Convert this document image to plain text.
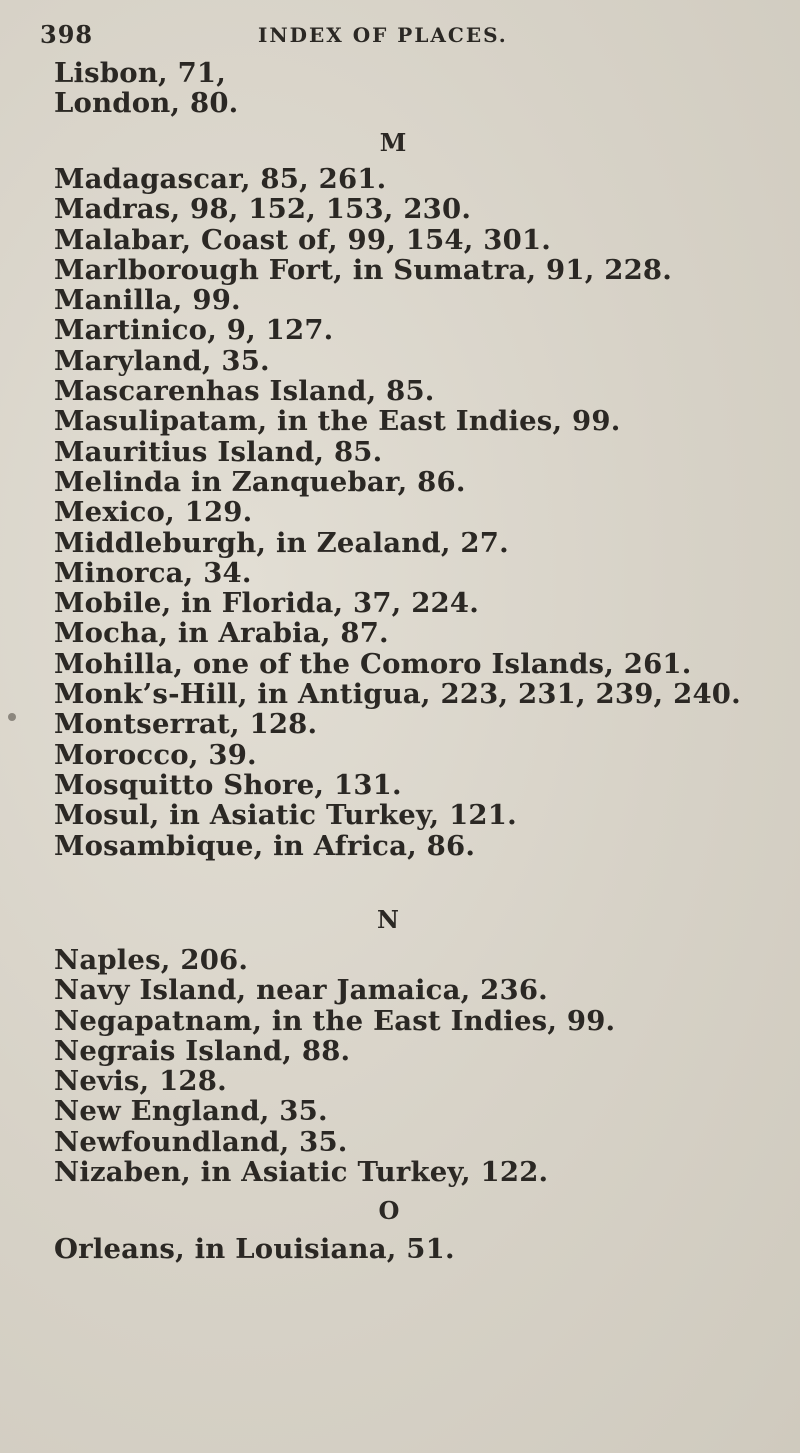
398	INDEX OF PLACES.
Lisbon, 71,
London, 80.
M
Madagascar, 85, 261.
Madras, 98, 152, 153, 230.
Malabar, Coast of, 99, 154, 301.
Marlborough Fort, in Sumatra, 91, 228.
Manilla, 99.
Martinico, 9, 127.
Maryland, 35.
Mascarenhas Island, 85.
Masulipatam, in the East Indies, 99.
Mauritius Island, 85.
Melinda in Zanquebar, 86.
Mexico, 129.
Middleburgh, in Zealand, 27.
Minorca, 34.
Mobile, in Florida, 37, 224.
Mocha, in Arabia, 87.
Mohilla, one of the Comoro Islands, 261.
Monk’s-Hill, in Antigua, 223, 231, 239, 240.
Montserrat, 128.
Morocco, 39.
Mosquitto Shore, 131.
Mosul, in Asiatic Turkey, 121.
Mosambique, in Africa, 86.
N
Naples, 206.
Navy Island, near Jamaica, 236.
Negapatnam, in the East Indies, 99.
Negrais Island, 88.
Nevis, 128.
New England, 35.
Newfoundland, 35.
Nizaben, in Asiatic Turkey, 122.
O
Orleans, in Louisiana, 51.
